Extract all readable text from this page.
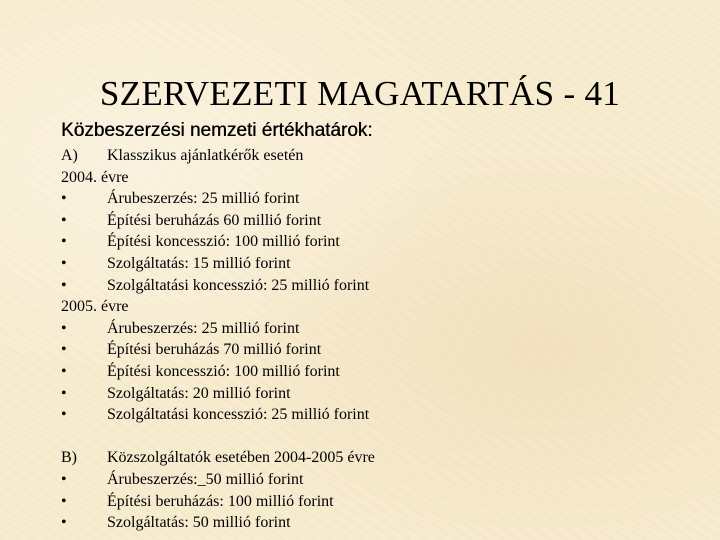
SZERVEZETI MAGATARTÁS - 41
Közbeszerzési nemzeti értékhatárok:
A) Klasszikus ajánlatkérők esetén
2004. évre
•	Árubeszerzés: 25 millió forint
•	Építési beruházás 60 millió forint
•	Építési koncesszió: 100 millió forint
•	Szolgáltatás: 15 millió forint
•	Szolgáltatási koncesszió: 25 millió forint
2005. évre
•	Árubeszerzés: 25 millió forint
•	Építési beruházás 70 millió forint
•	Építési koncesszió: 100 millió forint
•	Szolgáltatás: 20 millió forint
•	Szolgáltatási koncesszió: 25 millió forint
B) Közszolgáltatók esetében 2004-2005 évre
•	Árubeszerzés:_50 millió forint
•	Építési beruházás: 100 millió forint
•	Szolgáltatás: 50 millió forint
